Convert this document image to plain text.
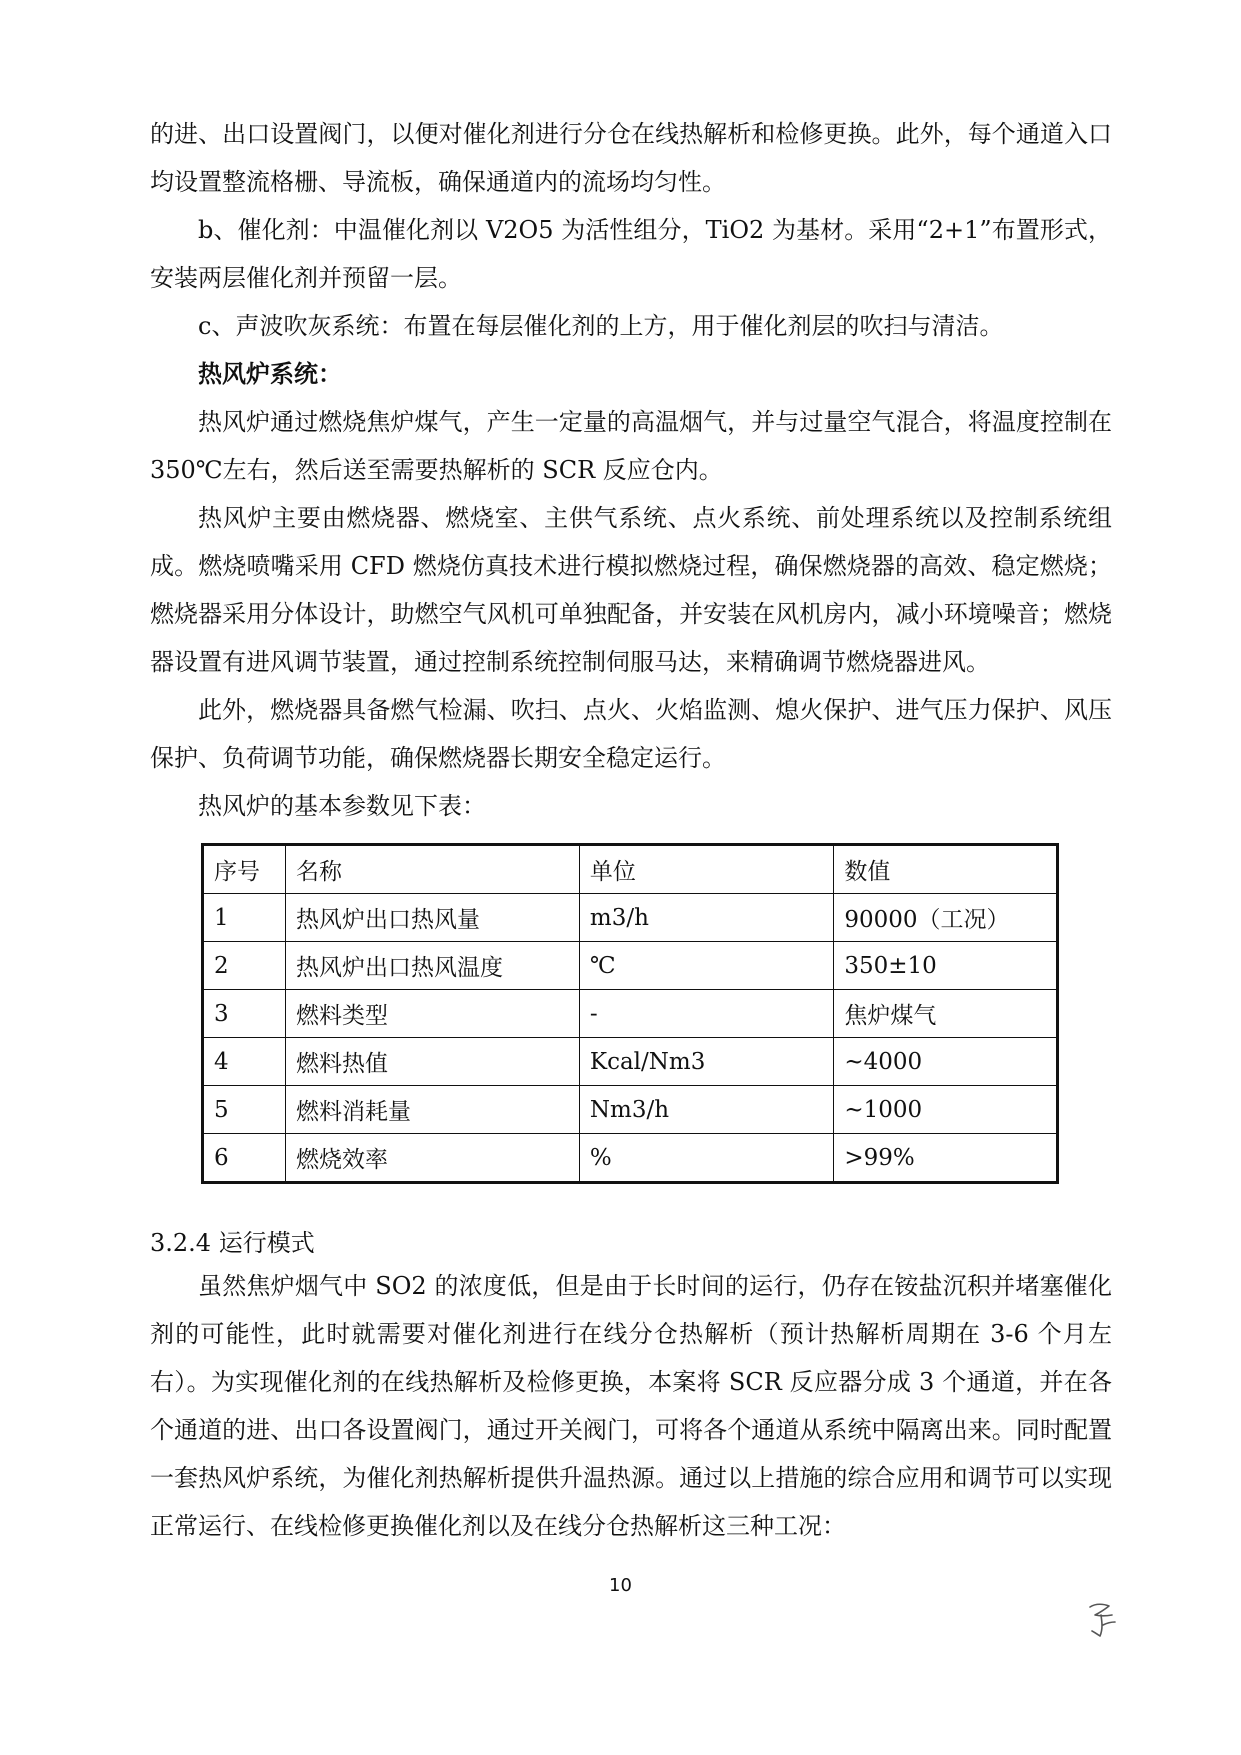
的进、出口设置阀门，以便对催化剂进行分仓在线热解析和检修更换。此外，每个通道入口均设置整流格栅、导流板，确保通道内的流场均匀性。

b、催化剂：中温催化剂以 V2O5 为活性组分，TiO2 为基材。采用“2+1”布置形式，安装两层催化剂并预留一层。

c、声波吹灰系统：布置在每层催化剂的上方，用于催化剂层的吹扫与清洁。

热风炉系统：

热风炉通过燃烧焦炉煤气，产生一定量的高温烟气，并与过量空气混合，将温度控制在 350℃左右，然后送至需要热解析的 SCR 反应仓内。

热风炉主要由燃烧器、燃烧室、主供气系统、点火系统、前处理系统以及控制系统组成。燃烧喷嘴采用 CFD 燃烧仿真技术进行模拟燃烧过程，确保燃烧器的高效、稳定燃烧；燃烧器采用分体设计，助燃空气风机可单独配备，并安装在风机房内，减小环境噪音；燃烧器设置有进风调节装置，通过控制系统控制伺服马达，来精确调节燃烧器进风。

此外，燃烧器具备燃气检漏、吹扫、点火、火焰监测、熄火保护、进气压力保护、风压保护、负荷调节功能，确保燃烧器长期安全稳定运行。

热风炉的基本参数见下表：

序号	名称	单位	数值
1	热风炉出口热风量	m3/h	90000（工况）
2	热风炉出口热风温度	℃	350±10
3	燃料类型	-	焦炉煤气
4	燃料热值	Kcal/Nm3	~4000
5	燃料消耗量	Nm3/h	~1000
6	燃烧效率	%	>99%

3.2.4 运行模式

虽然焦炉烟气中 SO2 的浓度低，但是由于长时间的运行，仍存在铵盐沉积并堵塞催化剂的可能性，此时就需要对催化剂进行在线分仓热解析（预计热解析周期在 3-6 个月左右）。为实现催化剂的在线热解析及检修更换，本案将 SCR 反应器分成 3 个通道，并在各个通道的进、出口各设置阀门，通过开关阀门，可将各个通道从系统中隔离出来。同时配置一套热风炉系统，为催化剂热解析提供升温热源。通过以上措施的综合应用和调节可以实现正常运行、在线检修更换催化剂以及在线分仓热解析这三种工况：

10
